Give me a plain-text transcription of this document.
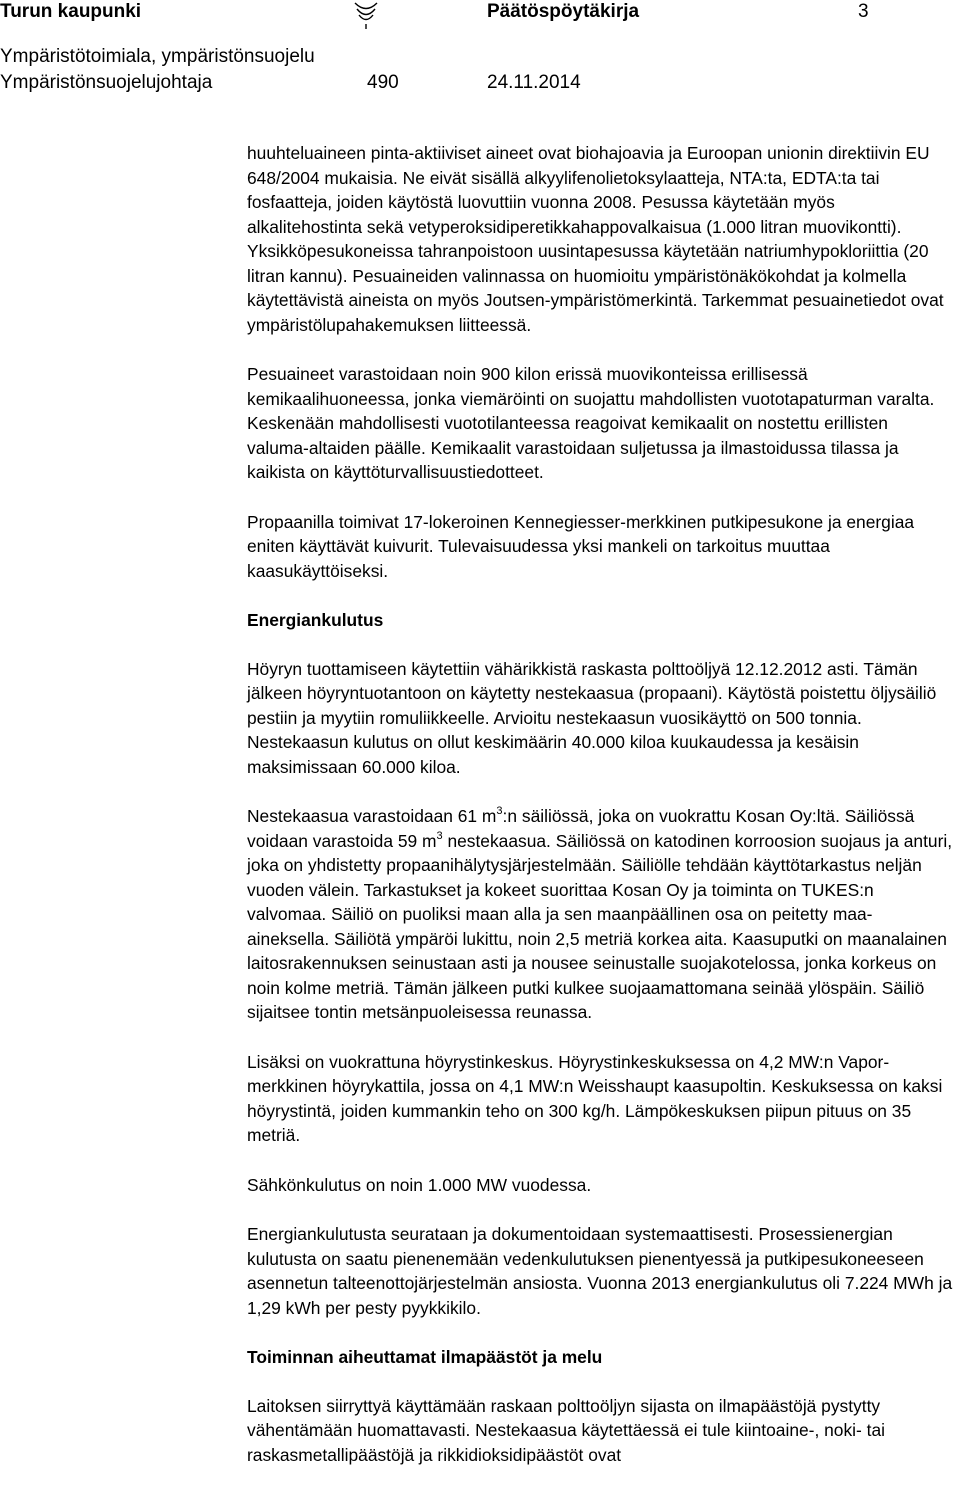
Turun kaupunki	Päätöspöytäkirja	3
Ympäristötoimiala, ympäristönsuojelu
Ympäristönsuojelujohtaja	490	24.11.2014

huuhteluaineen pinta-aktiiviset aineet ovat biohajoavia ja Euroopan unionin direktiivin EU 648/2004 mukaisia. Ne eivät sisällä alkyylifenolietoksylaatteja, NTA:ta, EDTA:ta tai fosfaatteja, joiden käytöstä luovuttiin vuonna 2008. Pesussa käytetään myös alkalitehostinta sekä vetyperoksidiperetikkahappovalkaisua (1.000 litran muovikontti). Yksikköpesukoneissa tahranpoistoon uusintapesussa käytetään natriumhypokloriittia (20 litran kannu). Pesuaineiden valinnassa on huomioitu ympäristönäkökohdat ja kolmella käytettävistä aineista on myös Joutsen-ympäristömerkintä. Tarkemmat pesuainetiedot ovat ympäristölupahakemuksen liitteessä.

Pesuaineet varastoidaan noin 900 kilon erissä muovikonteissa erillisessä kemikaalihuoneessa, jonka viemäröinti on suojattu mahdollisten vuototapaturman varalta. Keskenään mahdollisesti vuototilanteessa reagoivat kemikaalit on nostettu erillisten valuma-altaiden päälle. Kemikaalit varastoidaan suljetussa ja ilmastoidussa tilassa ja kaikista on käyttöturvallisuustiedotteet.

Propaanilla toimivat 17-lokeroinen Kennegiesser-merkkinen putkipesukone ja energiaa eniten käyttävät kuivurit. Tulevaisuudessa yksi mankeli on tarkoitus muuttaa kaasukäyttöiseksi.

Energiankulutus

Höyryn tuottamiseen käytettiin vähärikkistä raskasta polttoöljyä 12.12.2012 asti. Tämän jälkeen höyryntuotantoon on käytetty nestekaasua (propaani). Käytöstä poistettu öljysäiliö pestiin ja myytiin romuliikkeelle. Arvioitu nestekaasun vuosikäyttö on 500 tonnia. Nestekaasun kulutus on ollut keskimäärin 40.000 kiloa kuukaudessa ja kesäisin maksimissaan 60.000 kiloa.

Nestekaasua varastoidaan 61 $m^3:n$ säiliössä, joka on vuokrattu Kosan Oy:ltä. Säiliössä voidaan varastoida 59 $m^3$ nestekaasua. Säiliössä on katodinen korroosion suojaus ja anturi, joka on yhdistetty propaanihälytysjärjestelmään. Säiliölle tehdään käyttötarkastus neljän vuoden välein. Tarkastukset ja kokeet suorittaa Kosan Oy ja toiminta on TUKES:n valvomaa. Säiliö on puoliksi maan alla ja sen maanpäällinen osa on peitetty maa-aineksella. Säiliötä ympäröi lukittu, noin 2,5 metriä korkea aita. Kaasuputki on maanalainen laitosrakennuksen seinustaan asti ja nousee seinustalle suojakotelossa, jonka korkeus on noin kolme metriä. Tämän jälkeen putki kulkee suojaamattomana seinää ylöspäin. Säiliö sijaitsee tontin metsänpuoleisessa reunassa.

Lisäksi on vuokrattuna höyrystinkeskus. Höyrystinkeskuksessa on 4,2 MW:n Vapor-merkkinen höyrykattila, jossa on 4,1 MW:n Weisshaupt kaasupoltin. Keskuksessa on kaksi höyrystintä, joiden kummankin teho on 300 kg/h. Lämpökeskuksen piipun pituus on 35 metriä.

Sähkönkulutus on noin 1.000 MW vuodessa.

Energiankulutusta seurataan ja dokumentoidaan systemaattisesti. Prosessienergian kulutusta on saatu pienenemään vedenkulutuksen pienentyessä ja putkipesukoneeseen asennetun talteenottojärjestelmän ansiosta. Vuonna 2013 energiankulutus oli 7.224 MWh ja 1,29 kWh per pesty pyykkikilo.

Toiminnan aiheuttamat ilmapäästöt ja melu

Laitoksen siirryttyä käyttämään raskaan polttoöljyn sijasta on ilmapäästöjä pystytty vähentämään huomattavasti. Nestekaasua käytettäessä ei tule kiintoaine-, noki- tai raskasmetallipäästöjä ja rikkidioksidipäästöt ovat
